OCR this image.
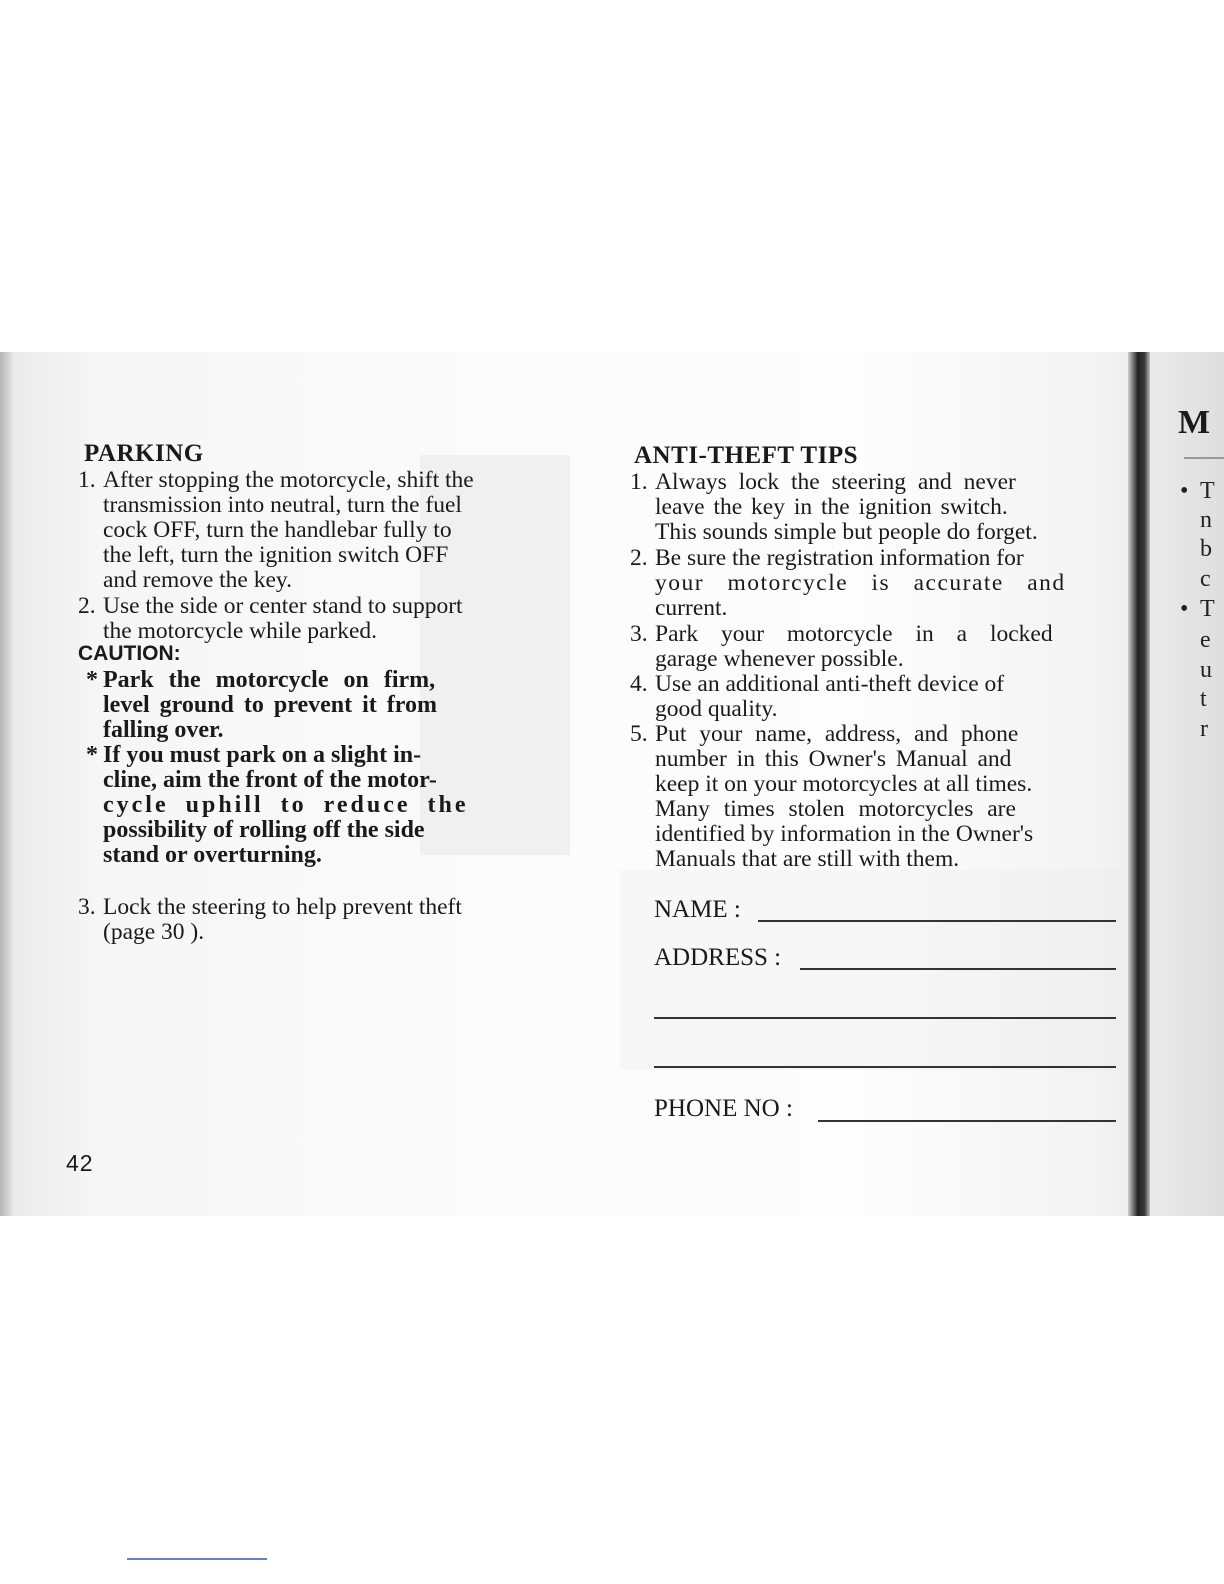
PARKING
1. After stopping the motorcycle, shift the
transmission into neutral, turn the fuel
cock OFF, turn the handlebar fully to
the left, turn the ignition switch OFF
and remove the key.
2. Use the side or center stand to support
the motorcycle while parked.
CAUTION:
* Park the motorcycle on firm,
level ground to prevent it from
falling over.
* If you must park on a slight in-
cline, aim the front of the motor-
cycle uphill to reduce the
possibility of rolling off the side
stand or overturning.
3. Lock the steering to help prevent theft
(page 30 ).
42
ANTI-THEFT TIPS
1. Always lock the steering and never
leave the key in the ignition switch.
This sounds simple but people do forget.
2. Be sure the registration information for
your motorcycle is accurate and
current.
3. Park your motorcycle in a locked
garage whenever possible.
4. Use an additional anti-theft device of
good quality.
5. Put your name, address, and phone
number in this Owner's Manual and
keep it on your motorcycles at all times.
Many times stolen motorcycles are
identified by information in the Owner's
Manuals that are still with them.
NAME :
ADDRESS :
PHONE NO :
M
• T
n
b
c
• T
e
u
t
r
